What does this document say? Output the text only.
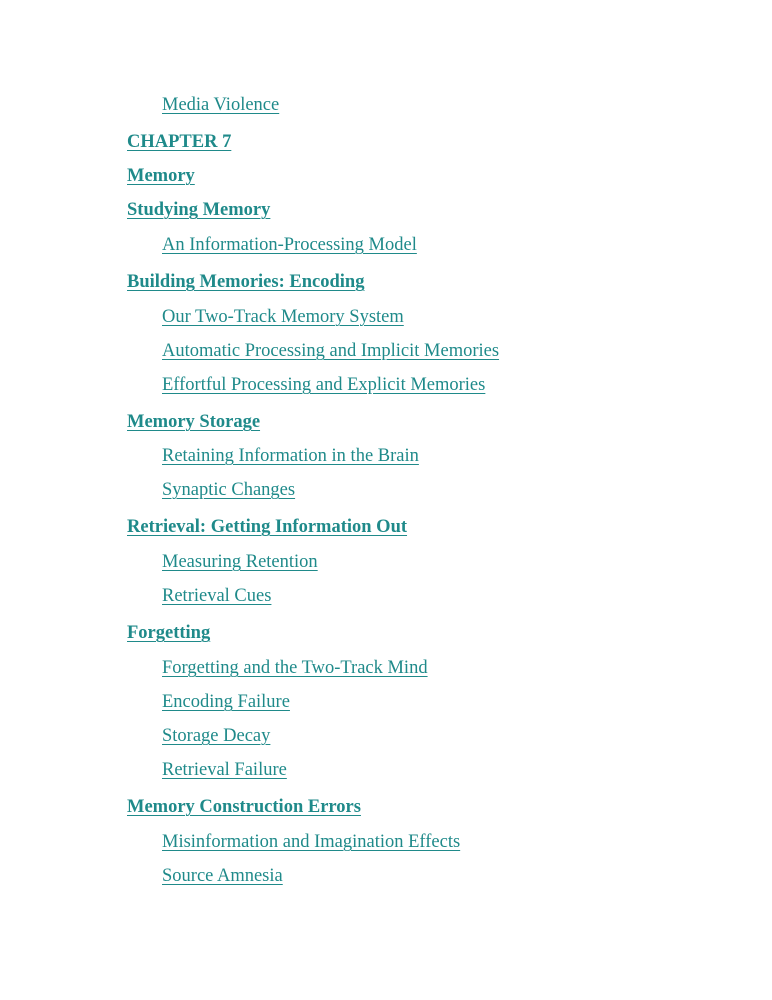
Media Violence
CHAPTER 7
Memory
Studying Memory
An Information-Processing Model
Building Memories: Encoding
Our Two-Track Memory System
Automatic Processing and Implicit Memories
Effortful Processing and Explicit Memories
Memory Storage
Retaining Information in the Brain
Synaptic Changes
Retrieval: Getting Information Out
Measuring Retention
Retrieval Cues
Forgetting
Forgetting and the Two-Track Mind
Encoding Failure
Storage Decay
Retrieval Failure
Memory Construction Errors
Misinformation and Imagination Effects
Source Amnesia
